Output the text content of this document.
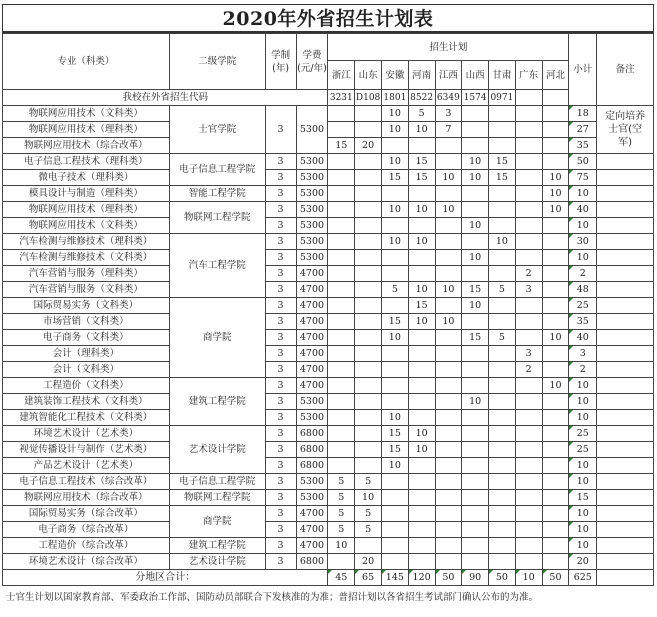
2020年外省招生计划表
专业（科类）	二级学院	学制(年)	学费(元/年)	招生计划									小计	备注
				浙江	山东	安徽	河南	江西	山西	甘肃	广东	河北		
我校在外省招生代码				3231	D108	1801	8522	6349	1574	0971				
物联网应用技术（文科类）	士官学院	3	5300			10	5	3					18	定向培养士官(空军)
物联网应用技术（理科类）						10	10	7					27	
物联网应用技术（综合改革）				15	20								35	
电子信息工程技术（理科类）	电子信息工程学院	3	5300			10	15		10	15			50	
微电子技术（理科类）		3	5300			15	15	10	10	15		10	75	
模具设计与制造（理科类）	智能工程学院	3	5300									10	10	
物联网应用技术（理科类）	物联网工程学院	3	5300			10	10	10				10	40	
物联网应用技术（文科类）		3	5300						10				10	
汽车检测与维修技术（理科类）	汽车工程学院	3	5300			10	10			10			30	
汽车检测与维修技术（文科类）		3	5300						10				10	
汽车营销与服务（理科类）		3	4700								2		2	
汽车营销与服务（文科类）		3	4700			5	10	10	15	5	3		48	
国际贸易实务（文科类）	商学院	3	4700				15		10				25	
市场营销（文科类）		3	4700			15	10	10					35	
电子商务（文科类）		3	4700			10			15	5		10	40	
会计（理科类）		3	4700								3		3	
会计（文科类）		3	4700								2		2	
工程造价（文科类）	建筑工程学院	3	4700									10	10	
建筑装饰工程技术（文科类）		3	5300						10				10	
建筑智能化工程技术（文科类）		3	5300			10							10	
环境艺术设计（艺术类）	艺术设计学院	3	6800			15	10						25	
视觉传播设计与制作（艺术类）		3	6800			15	10						25	
产品艺术设计（艺术类）		3	6800			10							10	
电子信息工程技术（综合改革）	电子信息工程学院	3	5300	5	5								10	
物联网应用技术（综合改革）	物联网工程学院	3	5300	5	10								15	
国际贸易实务（综合改革）	商学院	3	4700	5	5								10	
电子商务（综合改革）		3	4700	5	5								10	
工程造价（综合改革）	建筑工程学院	3	4700	10									10	
环境艺术设计（综合改革）	艺术设计学院	3	6800		20								20	
分地区合计：				45	65	145	120	50	90	50	10	50	625	
士官生计划以国家教育部、军委政治工作部、国防动员部联合下发核准的为准；普招计划以各省招生考试部门确认公布的为准。
